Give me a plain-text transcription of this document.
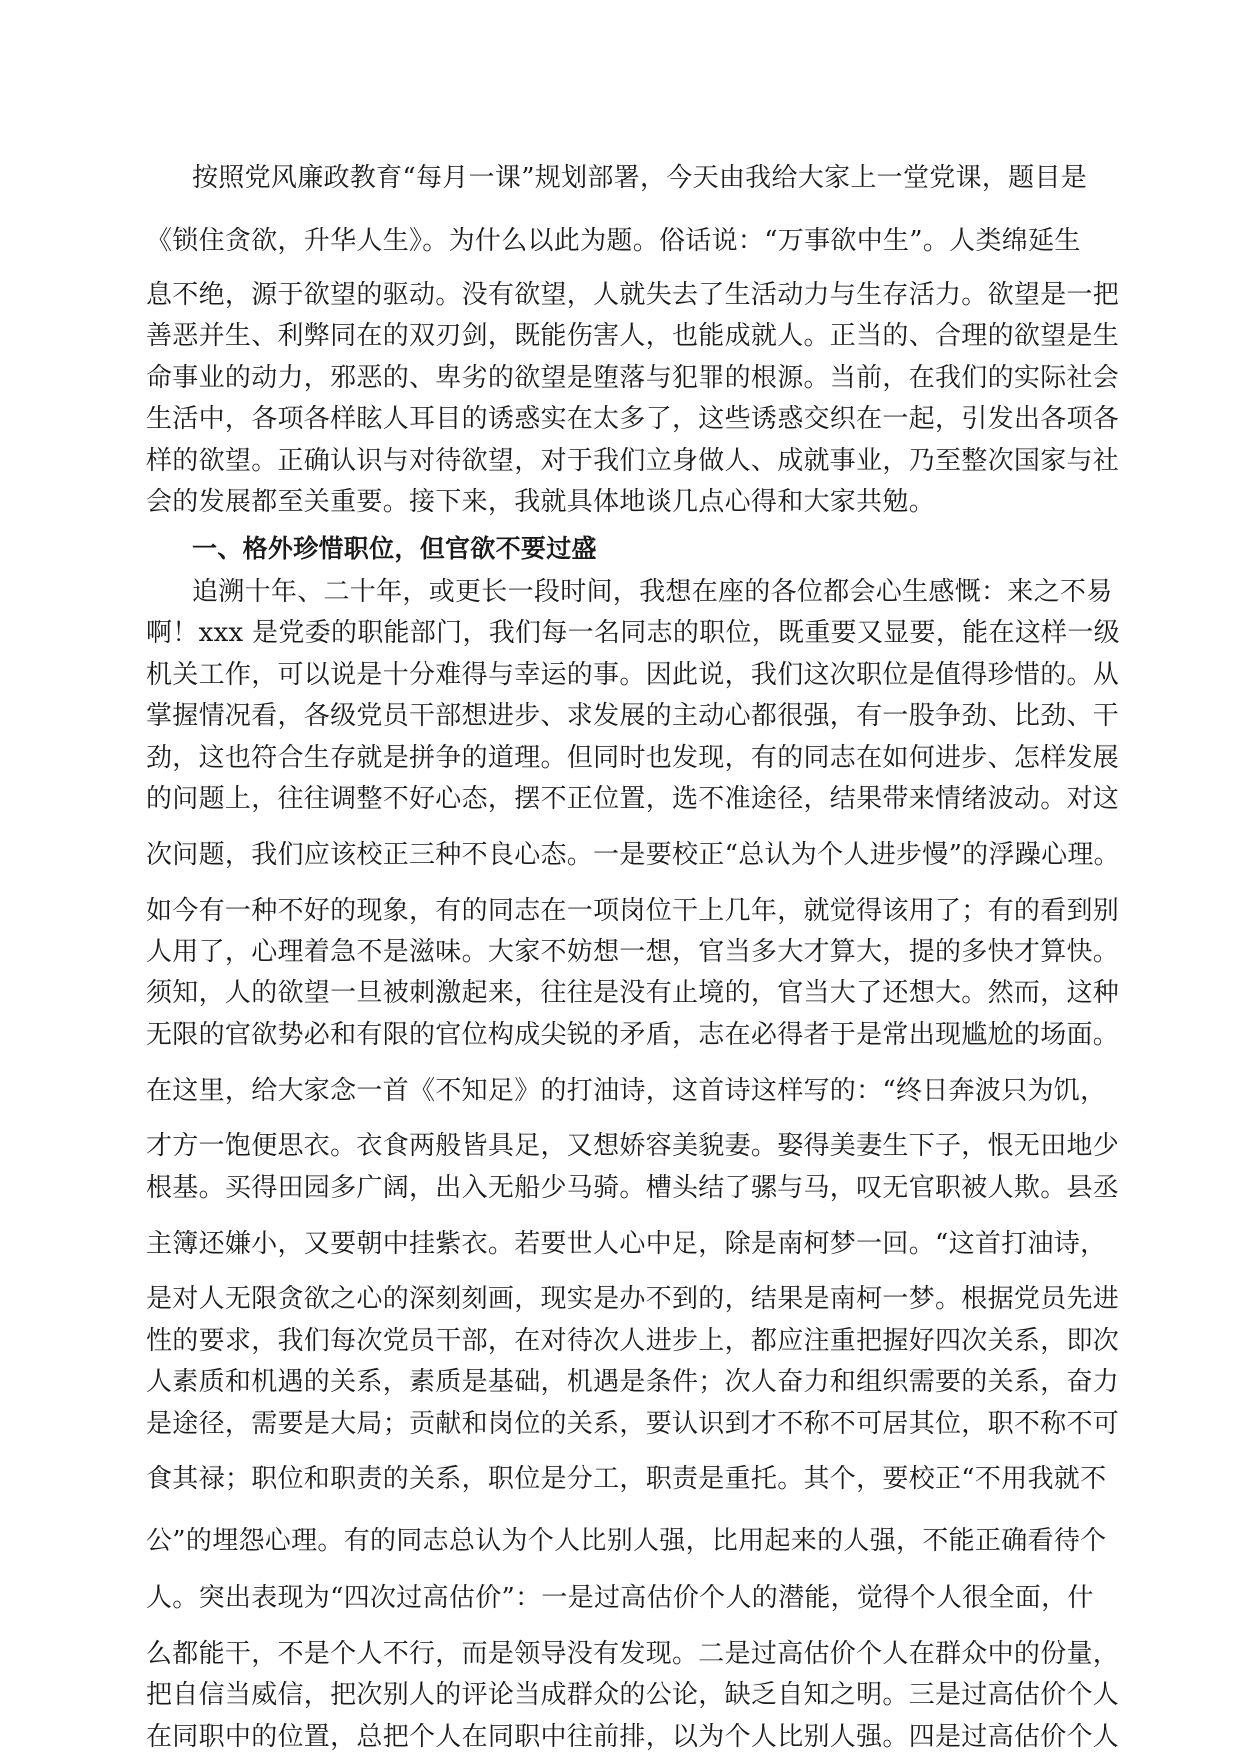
按照党风廉政教育“每月一课”规划部署，今天由我给大家上一堂党课，题目是
《锁住贪欲，升华人生》。为什么以此为题。俗话说：“万事欲中生”。人类绵延生
息不绝，源于欲望的驱动。没有欲望，人就失去了生活动力与生存活力。欲望是一把
善恶并生、利弊同在的双刃剑，既能伤害人，也能成就人。正当的、合理的欲望是生
命事业的动力，邪恶的、卑劣的欲望是堕落与犯罪的根源。当前，在我们的实际社会
生活中，各项各样眩人耳目的诱惑实在太多了，这些诱惑交织在一起，引发出各项各
样的欲望。正确认识与对待欲望，对于我们立身做人、成就事业，乃至整次国家与社
会的发展都至关重要。接下来，我就具体地谈几点心得和大家共勉。
一、格外珍惜职位，但官欲不要过盛
追溯十年、二十年，或更长一段时间，我想在座的各位都会心生感慨：来之不易
啊！xxx 是党委的职能部门，我们每一名同志的职位，既重要又显要，能在这样一级
机关工作，可以说是十分难得与幸运的事。因此说，我们这次职位是值得珍惜的。从
掌握情况看，各级党员干部想进步、求发展的主动心都很强，有一股争劲、比劲、干
劲，这也符合生存就是拼争的道理。但同时也发现，有的同志在如何进步、怎样发展
的问题上，往往调整不好心态，摆不正位置，选不准途径，结果带来情绪波动。对这
次问题，我们应该校正三种不良心态。一是要校正“总认为个人进步慢”的浮躁心理。
如今有一种不好的现象，有的同志在一项岗位干上几年，就觉得该用了；有的看到别
人用了，心理着急不是滋味。大家不妨想一想，官当多大才算大，提的多快才算快。
须知，人的欲望一旦被刺激起来，往往是没有止境的，官当大了还想大。然而，这种
无限的官欲势必和有限的官位构成尖锐的矛盾，志在必得者于是常出现尴尬的场面。
在这里，给大家念一首《不知足》的打油诗，这首诗这样写的：“终日奔波只为饥，
才方一饱便思衣。衣食两般皆具足，又想娇容美貌妻。娶得美妻生下子，恨无田地少
根基。买得田园多广阔，出入无船少马骑。槽头结了骡与马，叹无官职被人欺。县丞
主簿还嫌小，又要朝中挂紫衣。若要世人心中足，除是南柯梦一回。“这首打油诗，
是对人无限贪欲之心的深刻刻画，现实是办不到的，结果是南柯一梦。根据党员先进
性的要求，我们每次党员干部，在对待次人进步上，都应注重把握好四次关系，即次
人素质和机遇的关系，素质是基础，机遇是条件；次人奋力和组织需要的关系，奋力
是途径，需要是大局；贡献和岗位的关系，要认识到才不称不可居其位，职不称不可
食其禄；职位和职责的关系，职位是分工，职责是重托。其个，要校正“不用我就不
公”的埋怨心理。有的同志总认为个人比别人强，比用起来的人强，不能正确看待个
人。突出表现为“四次过高估价”：一是过高估价个人的潜能，觉得个人很全面，什
么都能干，不是个人不行，而是领导没有发现。二是过高估价个人在群众中的份量，
把自信当威信，把次别人的评论当成群众的公论，缺乏自知之明。三是过高估价个人
在同职中的位置，总把个人在同职中往前排，以为个人比别人强。四是过高估价个人
